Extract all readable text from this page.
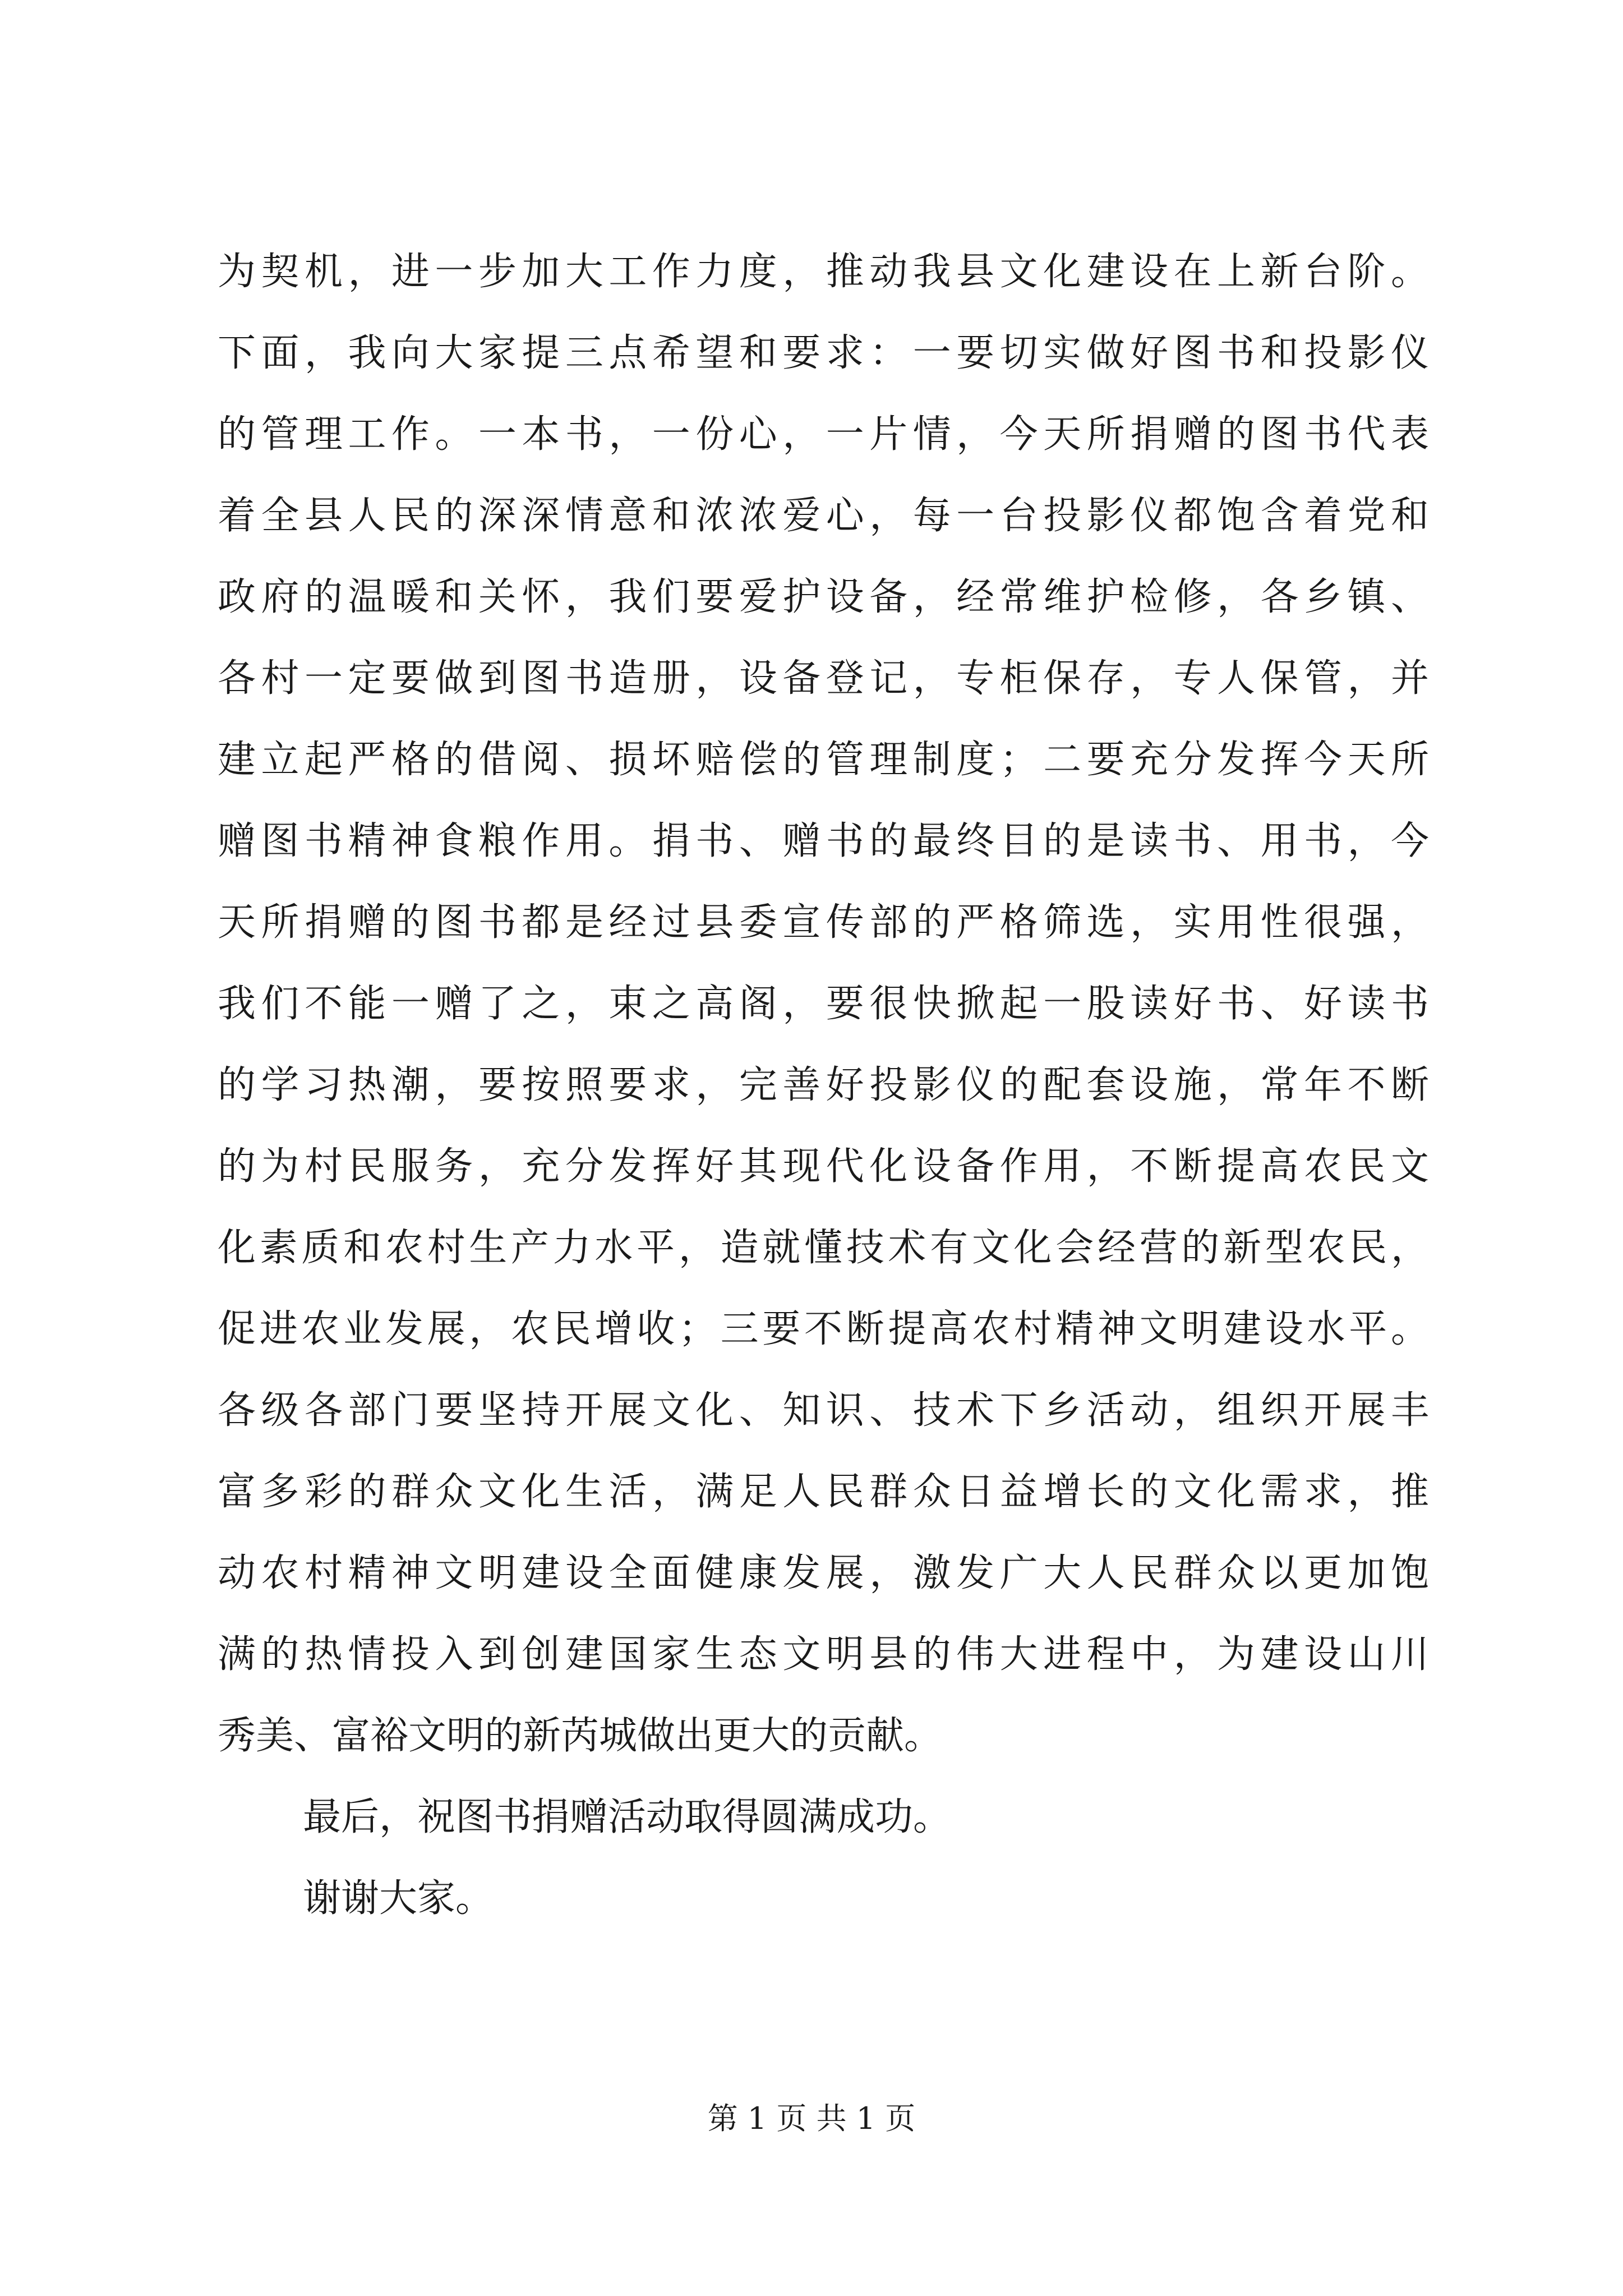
为契机，进一步加大工作力度，推动我县文化建设在上新台阶。
下面，我向大家提三点希望和要求：一要切实做好图书和投影仪
的管理工作。一本书，一份心，一片情，今天所捐赠的图书代表
着全县人民的深深情意和浓浓爱心，每一台投影仪都饱含着党和
政府的温暖和关怀，我们要爱护设备，经常维护检修，各乡镇、
各村一定要做到图书造册，设备登记，专柜保存，专人保管，并
建立起严格的借阅、损坏赔偿的管理制度；二要充分发挥今天所
赠图书精神食粮作用。捐书、赠书的最终目的是读书、用书，今
天所捐赠的图书都是经过县委宣传部的严格筛选，实用性很强，
我们不能一赠了之，束之高阁，要很快掀起一股读好书、好读书
的学习热潮，要按照要求，完善好投影仪的配套设施，常年不断
的为村民服务，充分发挥好其现代化设备作用，不断提高农民文
化素质和农村生产力水平，造就懂技术有文化会经营的新型农民，
促进农业发展，农民增收；三要不断提高农村精神文明建设水平。
各级各部门要坚持开展文化、知识、技术下乡活动，组织开展丰
富多彩的群众文化生活，满足人民群众日益增长的文化需求，推
动农村精神文明建设全面健康发展，激发广大人民群众以更加饱
满的热情投入到创建国家生态文明县的伟大进程中，为建设山川
秀美、富裕文明的新芮城做出更大的贡献。
最后，祝图书捐赠活动取得圆满成功。
谢谢大家。
第 1 页 共 1 页
